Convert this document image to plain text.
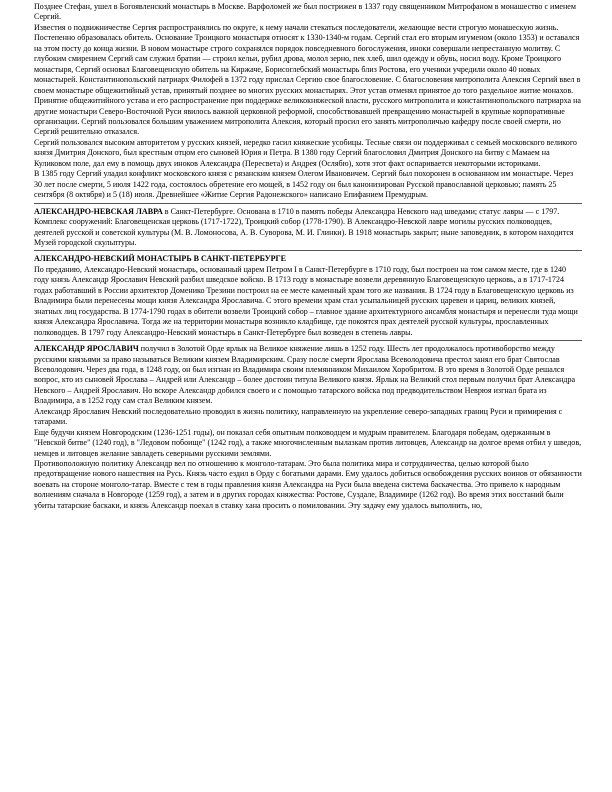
Позднее Стефан, ушел в Богоявленский монастырь в Москве. Варфоломей же был пострижен в 1337 году священником Митрофаном в монашество с именем Сергий.

Известия о подвижничестве Сергия распространялись по округе, к нему начали стекаться последователи, желающие вести строгую монашескую жизнь. Постепенно образовалась обитель. Основание Троицкого монастыря относят к 1330-1340-м годам. Сергий стал его вторым игуменом (около 1353) и оставался на этом посту до конца жизни. В новом монастыре строго сохранялся порядок повседневного богослужения, иноки совершали непрестанную молитву. С глубоким смирением Сергий сам служил братии — строил кельи, рубил дрова, молол зерно, пек хлеб, шил одежду и обувь, носил воду. Кроме Троицкого монастыря, Сергий основал Благовещенскую обитель на Киржаче, Борисоглебский монастырь близ Ростова, его ученики учредили около 40 новых монастырей. Константинопольский патриарх Филофей в 1372 году прислал Сергию свое благословение. С благословения митрополита Алексия Сергий ввел в своем монастыре общежитийный устав, принятый позднее во многих русских монастырях. Этот устав отменял принятое до того раздельное житие монахов. Принятие общежитийного устава и его распространение при поддержке великокняжеской власти, русского митрополита и константинопольского патриарха на другие монастыри Северо-Восточной Руси явилось важной церковной реформой, способствовавшей превращению монастырей в крупные корпоративные организации. Сергий пользовался большим уважением митрополита Алексия, который просил его занять митрополичью кафедру после своей смерти, но Сергий решительно отказался.

Сергий пользовался высоким авторитетом у русских князей, нередко гасил княжеские усобицы. Тесные связи он поддерживал с семьей московского великого князя Дмитрия Донского, был крестным отцом его сыновей Юрия и Петра. В 1380 году Сергий благословил Дмитрия Донского на битву с Мамаем на Куликовом поле, дал ему в помощь двух иноков Александра (Пересвета) и Андрея (Ослябю), хотя этот факт оспаривается некоторыми историками.

В 1385 году Сергий уладил конфликт московского князя с рязанским князем Олегом Ивановичем. Сергий был похоронен в основанном им монастыре. Через 30 лет после смерти, 5 июля 1422 года, состоялось обретение его мощей, в 1452 году он был канонизирован Русской православной церковью; память 25 сентября (8 октября) и 5 (18) июля. Древнейшее «Житие Сергия Радонежского» написано Епифанием Премудрым.

АЛЕКСАНДРО-НЕВСКАЯ ЛАВРА в Санкт-Петербурге. Основана в 1710 в память победы Александра Невского над шведами; статус лавры — с 1797. Комплекс сооружений: Благовещенская церковь (1717-1722), Троицкий собор (1778-1790). В Александро-Невской лавре могилы русских полководцев, деятелей русской и советской культуры (М. В. Ломоносова, А. В. Суворова, М. И. Глинки). В 1918 монастырь закрыт; ныне заповедник, в котором находится Музей городской скульптуры.

АЛЕКСАНДРО-НЕВСКИЙ МОНАСТЫРЬ В САНКТ-ПЕТЕРБУРГЕ

По преданию, Александро-Невский монастырь, основанный царем Петром I в Санкт-Петербурге в 1710 году, был построен на том самом месте, где в 1240 году князь Александр Ярославич Невский разбил шведское войско. В 1713 году в монастыре возвели деревянную Благовещенскую церковь, а в 1717-1724 годах работавший в России архитектор Доменико Трезини построил на ее месте каменный храм того же названия. В 1724 году в Благовещенскую церковь из Владимира были перенесены мощи князя Александра Ярославича. С этого времени храм стал усыпальницей русских царевен и цариц, великих князей, знатных лиц государства. В 1774-1790 годах в обители возвели Троицкий собор – главное здание архитектурного ансамбля монастыря и перенесли туда мощи князя Александра Ярославича. Тогда же на территории монастыря возникло кладбище, где покоятся прах деятелей русской культуры, прославленных полководцев. В 1797 году Александро-Невский монастырь в Санкт-Петербурге был возведен в степень лавры.

АЛЕКСАНДР ЯРОСЛАВИЧ получил в Золотой Орде ярлык на Великое княжение лишь в 1252 году. Шесть лет продолжалось противоборство между русскими князьями за право называться Великим князем Владимирским. Сразу после смерти Ярослава Всеволодовича престол занял его брат Святослав Всеволодович. Через два года, в 1248 году, он был изгнан из Владимира своим племянником Михаилом Хоробритом. В это время в Золотой Орде решался вопрос, кто из сыновей Ярослава – Андрей или Александр – более достоин титула Великого князя. Ярлык на Великий стол первым получил брат Александра Невского – Андрей Ярославич. Но вскоре Александр добился своего и с помощью татарского войска под предводительством Неврюя изгнал брата из Владимира, а в 1252 году сам стал Великим князем.

Александр Ярославич Невский последовательно проводил в жизнь политику, направленную на укрепление северо-западных границ Руси и примирения с татарами.

Еще будучи князем Новгородским (1236-1251 годы), он показал себя опытным полководцем и мудрым правителем. Благодаря победам, одержанным в "Невской битве" (1240 год), в "Ледовом побоище" (1242 год), а также многочисленным вылазкам против литовцев, Александр на долгое время отбил у шведов, немцев и литовцев желание завладеть северными русскими землями.

Противоположную политику Александр вел по отношению к монголо-татарам. Это была политика мира и сотрудничества, целью которой было предотвращение нового нашествия на Русь. Князь часто ездил в Орду с богатыми дарами. Ему удалось добиться освобождения русских воинов от обязанности воевать на стороне монголо-татар. Вместе с тем в годы правления князя Александра на Руси была введена система баскачества. Это привело к народным волнениям сначала в Новгороде (1259 год), а затем и в других городах княжества: Ростове, Суздале, Владимире (1262 год). Во время этих восстаний были убиты татарские баскаки, и князь Александр поехал в ставку хана просить о помиловании. Эту задачу ему удалось выполнить, но,
